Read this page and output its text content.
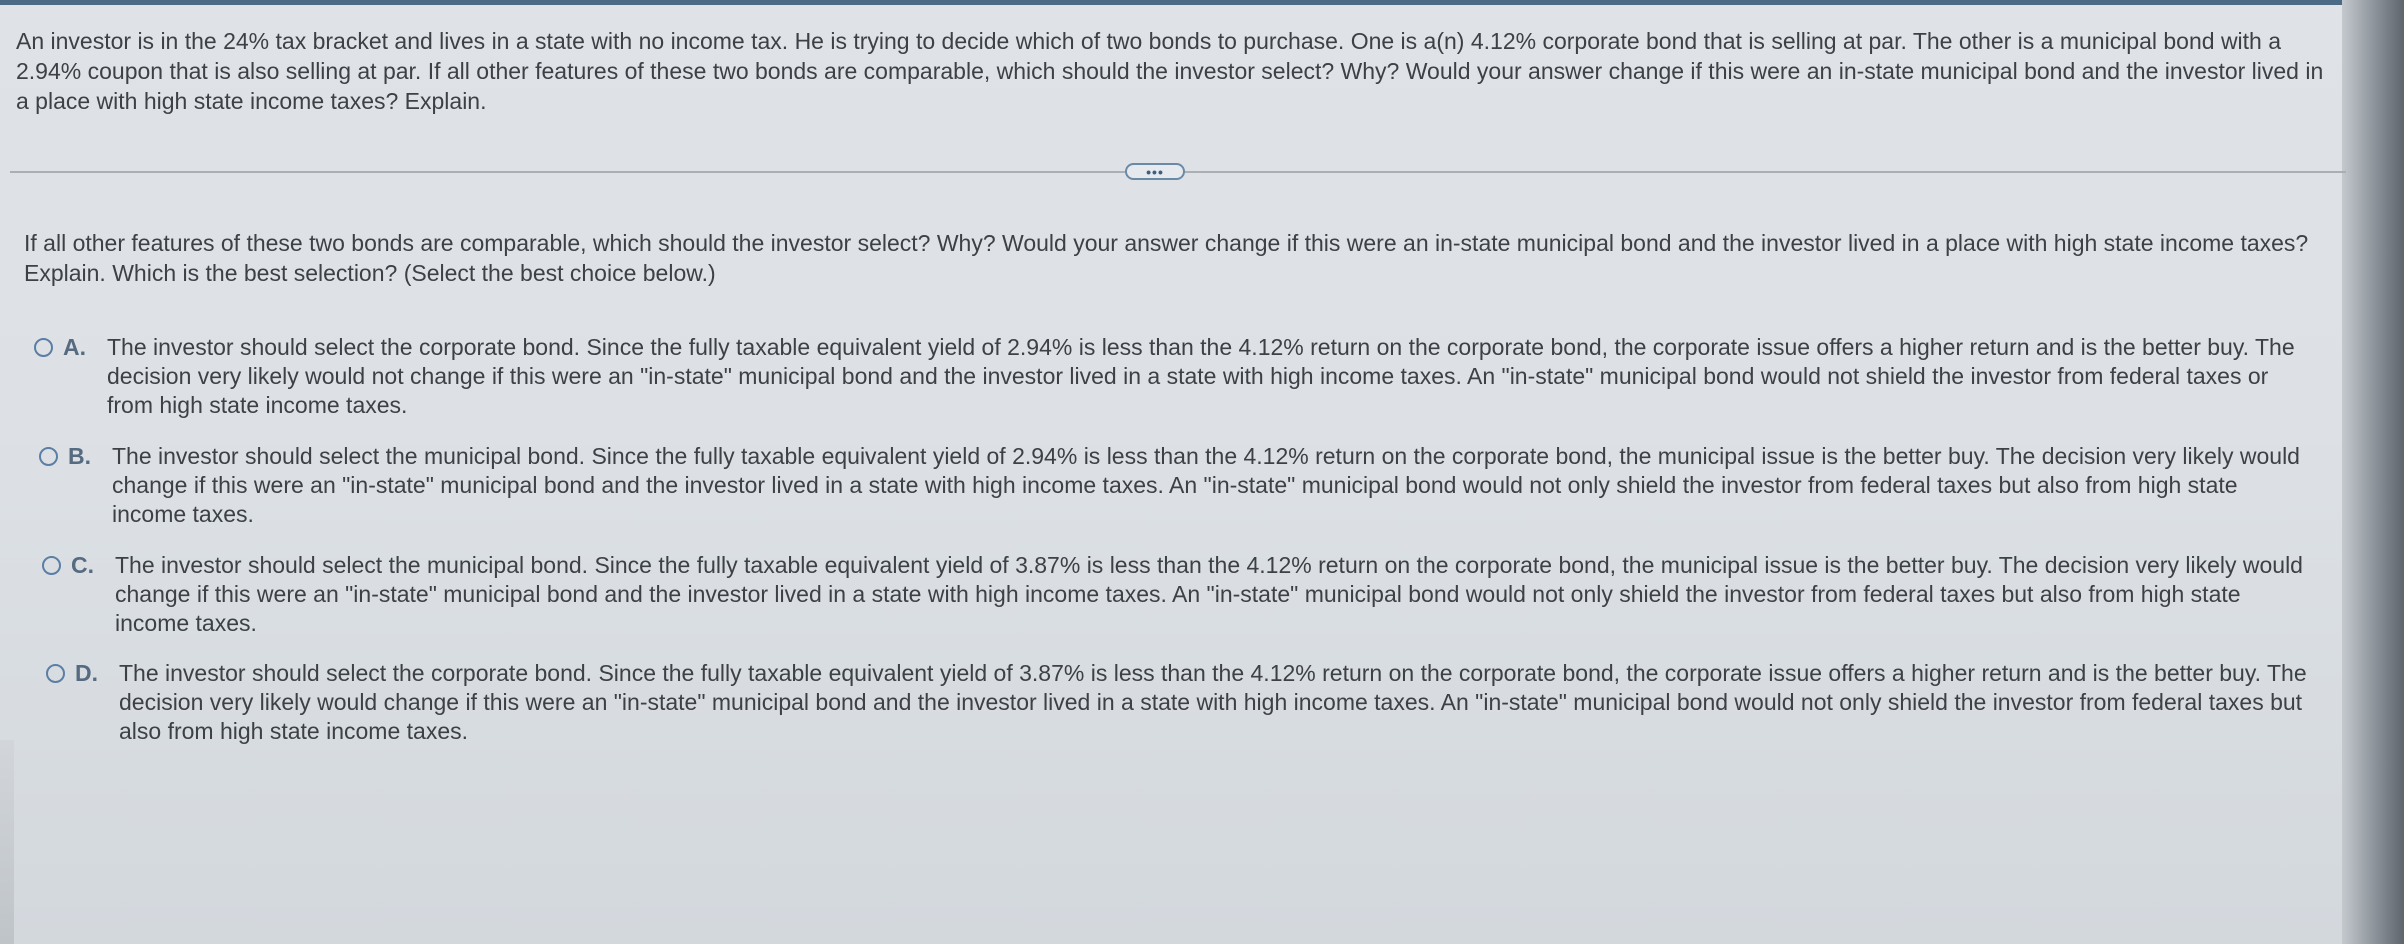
An investor is in the 24% tax bracket and lives in a state with no income tax. He is trying to decide which of two bonds to purchase. One is a(n) 4.12% corporate bond that is selling at par. The other is a municipal bond with a 2.94% coupon that is also selling at par. If all other features of these two bonds are comparable, which should the investor select? Why? Would your answer change if this were an in-state municipal bond and the investor lived in a place with high state income taxes? Explain.
•••
If all other features of these two bonds are comparable, which should the investor select? Why? Would your answer change if this were an in-state municipal bond and the investor lived in a place with high state income taxes? Explain. Which is the best selection? (Select the best choice below.)
A. The investor should select the corporate bond. Since the fully taxable equivalent yield of 2.94% is less than the 4.12% return on the corporate bond, the corporate issue offers a higher return and is the better buy. The decision very likely would not change if this were an "in-state" municipal bond and the investor lived in a state with high income taxes. An "in-state" municipal bond would not shield the investor from federal taxes or from high state income taxes.
B. The investor should select the municipal bond. Since the fully taxable equivalent yield of 2.94% is less than the 4.12% return on the corporate bond, the municipal issue is the better buy. The decision very likely would change if this were an "in-state" municipal bond and the investor lived in a state with high income taxes. An "in-state" municipal bond would not only shield the investor from federal taxes but also from high state income taxes.
C. The investor should select the municipal bond. Since the fully taxable equivalent yield of 3.87% is less than the 4.12% return on the corporate bond, the municipal issue is the better buy. The decision very likely would change if this were an "in-state" municipal bond and the investor lived in a state with high income taxes. An "in-state" municipal bond would not only shield the investor from federal taxes but also from high state income taxes.
D. The investor should select the corporate bond. Since the fully taxable equivalent yield of 3.87% is less than the 4.12% return on the corporate bond, the corporate issue offers a higher return and is the better buy. The decision very likely would change if this were an "in-state" municipal bond and the investor lived in a state with high income taxes. An "in-state" municipal bond would not only shield the investor from federal taxes but also from high state income taxes.
